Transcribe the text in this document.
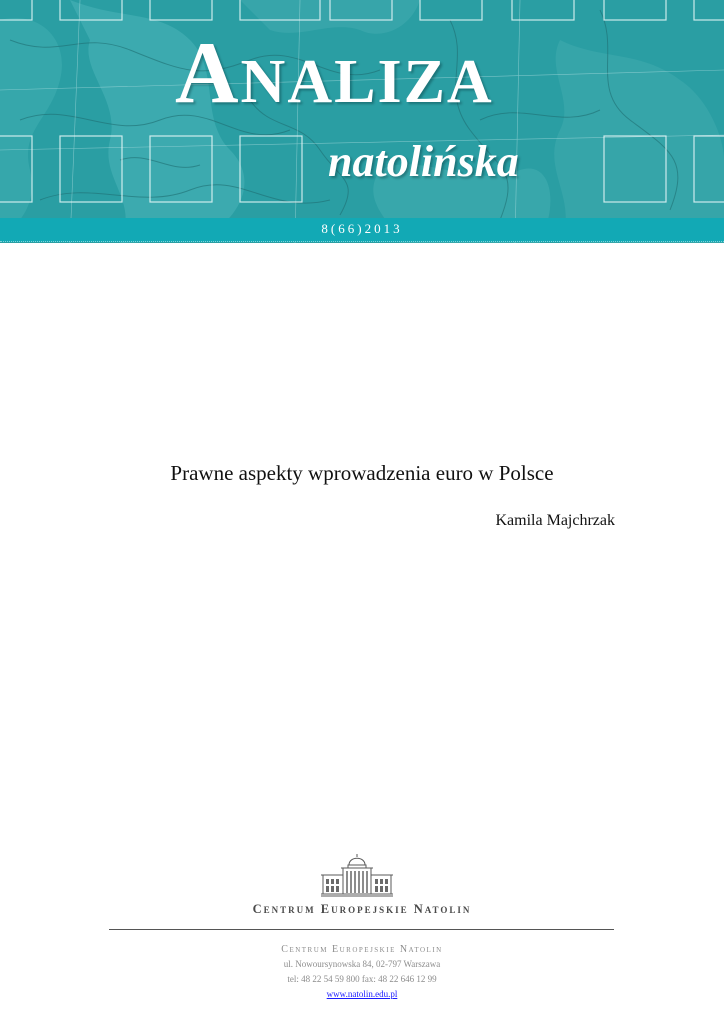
Analiza
natolińska
8(66)2013
Prawne aspekty wprowadzenia euro w Polsce
Kamila Majchrzak
Centrum Europejskie Natolin
Centrum Europejskie Natolin
ul. Nowoursynowska 84, 02-797 Warszawa
tel: 48 22 54 59 800 fax: 48 22 646 12 99
www.natolin.edu.pl
